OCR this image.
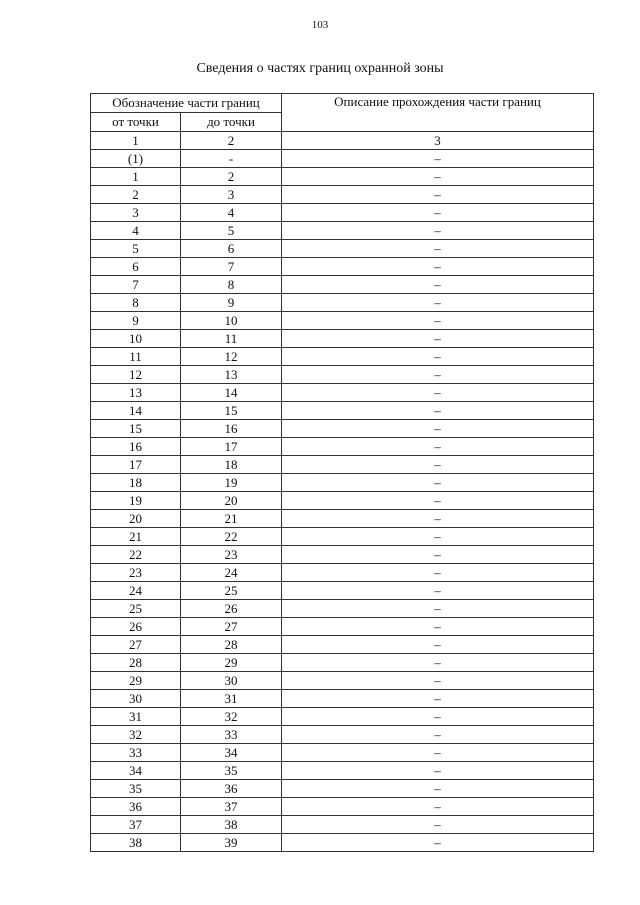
103
Сведения о частях границ охранной зоны
Обозначение части границ		Описание прохождения части границ
от точки	до точки	
1	2	3
(1)	-	–
1	2	–
2	3	–
3	4	–
4	5	–
5	6	–
6	7	–
7	8	–
8	9	–
9	10	–
10	11	–
11	12	–
12	13	–
13	14	–
14	15	–
15	16	–
16	17	–
17	18	–
18	19	–
19	20	–
20	21	–
21	22	–
22	23	–
23	24	–
24	25	–
25	26	–
26	27	–
27	28	–
28	29	–
29	30	–
30	31	–
31	32	–
32	33	–
33	34	–
34	35	–
35	36	–
36	37	–
37	38	–
38	39	–
